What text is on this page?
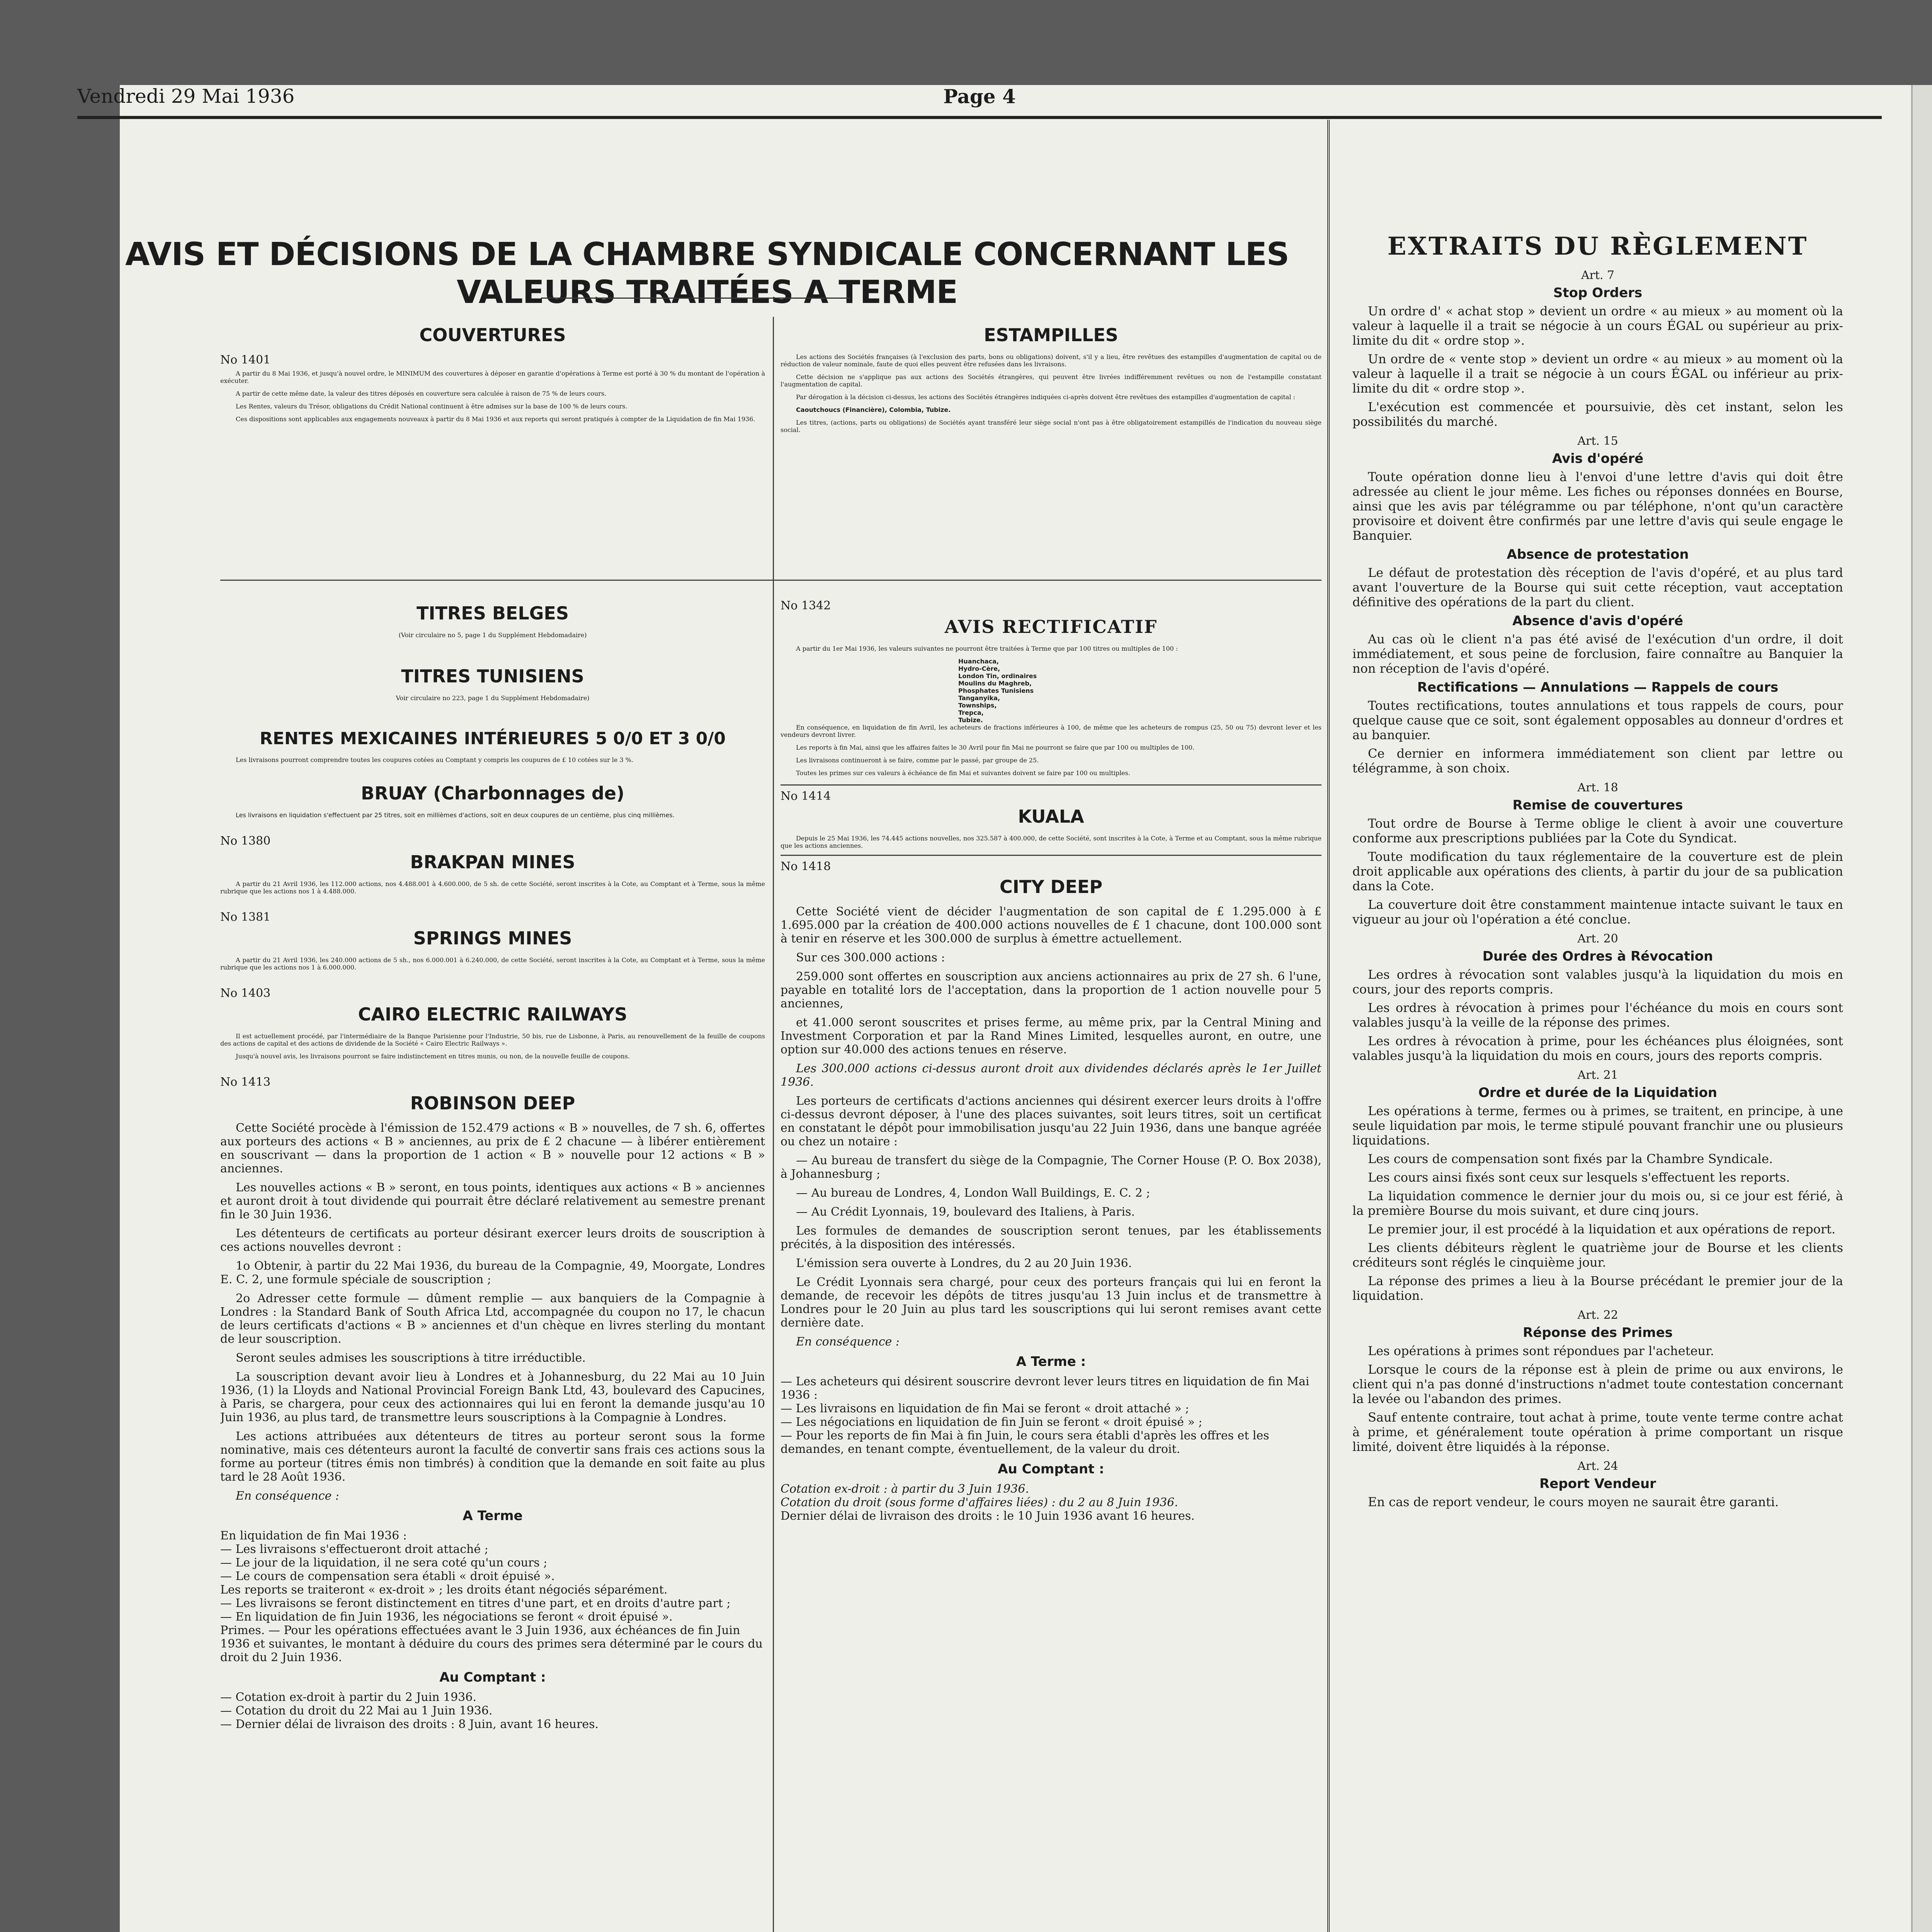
Vendredi 29 Mai 1936	Page 4
AVIS ET DÉCISIONS DE LA CHAMBRE SYNDICALE CONCERNANT LES VALEURS TRAITÉES A TERME
COUVERTURES
No 1401

A partir du 8 Mai 1936, et jusqu'à nouvel ordre, le MINIMUM des couvertures à déposer en garantie d'opérations à Terme est porté à 30 % du montant de l'opération à exécuter.

A partir de cette même date, la valeur des titres déposés en couverture sera calculée à raison de 75 % de leurs cours.

Les Rentes, valeurs du Trésor, obligations du Crédit National continuent à être admises sur la base de 100 % de leurs cours.

Ces dispositions sont applicables aux engagements nouveaux à partir du 8 Mai 1936 et aux reports qui seront pratiqués à compter de la Liquidation de fin Mai 1936.

ESTAMPILLES

Les actions des Sociétés françaises (à l'exclusion des parts, bons ou obligations) doivent, s'il y a lieu, être revêtues des estampilles d'augmentation de capital ou de réduction de valeur nominale, faute de quoi elles peuvent être refusées dans les livraisons.

Cette décision ne s'applique pas aux actions des Sociétés étrangères, qui peuvent être livrées indifféremment revêtues ou non de l'estampille constatant l'augmentation de capital.

Par dérogation à la décision ci-dessus, les actions des Sociétés étrangères indiquées ci-après doivent être revêtues des estampilles d'augmentation de capital :

Caoutchoucs (Financière), Colombia, Tubize.

Les titres, (actions, parts ou obligations) de Sociétés ayant transféré leur siège social n'ont pas à être obligatoirement estampillés de l'indication du nouveau siège social.

TITRES BELGES
(Voir circulaire no 5, page 1 du Supplément Hebdomadaire)
TITRES TUNISIENS
Voir circulaire no 223, page 1 du Supplément Hebdomadaire)
RENTES MEXICAINES INTÉRIEURES 5 0/0 ET 3 0/0

Les livraisons pourront comprendre toutes les coupures cotées au Comptant y compris les coupures de £ 10 cotées sur le 3 %.

BRUAY (Charbonnages de)

Les livraisons en liquidation s'effectuent par 25 titres, soit en millièmes d'actions, soit en deux coupures de un centième, plus cinq millièmes.

No 1380
BRAKPAN MINES

A partir du 21 Avril 1936, les 112.000 actions, nos 4.488.001 à 4.600.000, de 5 sh. de cette Société, seront inscrites à la Cote, au Comptant et à Terme, sous la même rubrique que les actions nos 1 à 4.488.000.

No 1381
SPRINGS MINES

A partir du 21 Avril 1936, les 240.000 actions de 5 sh., nos 6.000.001 à 6.240.000, de cette Société, seront inscrites à la Cote, au Comptant et à Terme, sous la même rubrique que les actions nos 1 à 6.000.000.

No 1403
CAIRO ELECTRIC RAILWAYS

Il est actuellement procédé, par l'intermédiaire de la Banque Parisienne pour l'Industrie, 50 bis, rue de Lisbonne, à Paris, au renouvellement de la feuille de coupons des actions de capital et des actions de dividende de la Société « Cairo Electric Railways ».

Jusqu'à nouvel avis, les livraisons pourront se faire indistinctement en titres munis, ou non, de la nouvelle feuille de coupons.

No 1413
ROBINSON DEEP

Cette Société procède à l'émission de 152.479 actions « B » nouvelles, de 7 sh. 6, offertes aux porteurs des actions « B » anciennes, au prix de £ 2 chacune — à libérer entièrement en souscrivant — dans la proportion de 1 action « B » nouvelle pour 12 actions « B » anciennes.

Les nouvelles actions « B » seront, en tous points, identiques aux actions « B » anciennes et auront droit à tout dividende qui pourrait être déclaré relativement au semestre prenant fin le 30 Juin 1936.

Les détenteurs de certificats au porteur désirant exercer leurs droits de souscription à ces actions nouvelles devront :

1o Obtenir, à partir du 22 Mai 1936, du bureau de la Compagnie, 49, Moorgate, Londres E. C. 2, une formule spéciale de souscription ;

2o Adresser cette formule — dûment remplie — aux banquiers de la Compagnie à Londres : la Standard Bank of South Africa Ltd, accompagnée du coupon no 17, le chacun de leurs certificats d'actions « B » anciennes et d'un chèque en livres sterling du montant de leur souscription.

Seront seules admises les souscriptions à titre irréductible.

La souscription devant avoir lieu à Londres et à Johannesburg, du 22 Mai au 10 Juin 1936, (1) la Lloyds and National Provincial Foreign Bank Ltd, 43, boulevard des Capucines, à Paris, se chargera, pour ceux des actionnaires qui lui en feront la demande jusqu'au 10 Juin 1936, au plus tard, de transmettre leurs souscriptions à la Compagnie à Londres.

Les actions attribuées aux détenteurs de titres au porteur seront sous la forme nominative, mais ces détenteurs auront la faculté de convertir sans frais ces actions sous la forme au porteur (titres émis non timbrés) à condition que la demande en soit faite au plus tard le 28 Août 1936.

En conséquence :

A Terme
En liquidation de fin Mai 1936 :
— Les livraisons s'effectueront droit attaché ;
— Le jour de la liquidation, il ne sera coté qu'un cours ;
— Le cours de compensation sera établi « droit épuisé ».
Les reports se traiteront « ex-droit » ; les droits étant négociés séparément.
— Les livraisons se feront distinctement en titres d'une part, et en droits d'autre part ;
— En liquidation de fin Juin 1936, les négociations se feront « droit épuisé ».
Primes. — Pour les opérations effectuées avant le 3 Juin 1936, aux échéances de fin Juin 1936 et suivantes, le montant à déduire du cours des primes sera déterminé par le cours du droit du 2 Juin 1936.
Au Comptant :
— Cotation ex-droit à partir du 2 Juin 1936.
— Cotation du droit du 22 Mai au 1 Juin 1936.
— Dernier délai de livraison des droits : 8 Juin, avant 16 heures.

No 1342
AVIS RECTIFICATIF

A partir du 1er Mai 1936, les valeurs suivantes ne pourront être traitées à Terme que par 100 titres ou multiples de 100 :

Huanchaca,
Hydro-Cère,
London Tin, ordinaires
Moulins du Maghreb,
Phosphates Tunisiens
Tanganyika,
Townships,
Trepca,
Tubize.

En conséquence, en liquidation de fin Avril, les acheteurs de fractions inférieures à 100, de même que les acheteurs de rompus (25, 50 ou 75) devront lever et les vendeurs devront livrer.

Les reports à fin Mai, ainsi que les affaires faites le 30 Avril pour fin Mai ne pourront se faire que par 100 ou multiples de 100.

Les livraisons continueront à se faire, comme par le passé, par groupe de 25.

Toutes les primes sur ces valeurs à échéance de fin Mai et suivantes doivent se faire par 100 ou multiples.

No 1414
KUALA

Depuis le 25 Mai 1936, les 74.445 actions nouvelles, nos 325.587 à 400.000, de cette Société, sont inscrites à la Cote, à Terme et au Comptant, sous la même rubrique que les actions anciennes.

No 1418
CITY DEEP

Cette Société vient de décider l'augmentation de son capital de £ 1.295.000 à £ 1.695.000 par la création de 400.000 actions nouvelles de £ 1 chacune, dont 100.000 sont à tenir en réserve et les 300.000 de surplus à émettre actuellement.

Sur ces 300.000 actions :

259.000 sont offertes en souscription aux anciens actionnaires au prix de 27 sh. 6 l'une, payable en totalité lors de l'acceptation, dans la proportion de 1 action nouvelle pour 5 anciennes,

et 41.000 seront souscrites et prises ferme, au même prix, par la Central Mining and Investment Corporation et par la Rand Mines Limited, lesquelles auront, en outre, une option sur 40.000 des actions tenues en réserve.

Les 300.000 actions ci-dessus auront droit aux dividendes déclarés après le 1er Juillet 1936.

Les porteurs de certificats d'actions anciennes qui désirent exercer leurs droits à l'offre ci-dessus devront déposer, à l'une des places suivantes, soit leurs titres, soit un certificat en constatant le dépôt pour immobilisation jusqu'au 22 Juin 1936, dans une banque agréée ou chez un notaire :

— Au bureau de transfert du siège de la Compagnie, The Corner House (P. O. Box 2038), à Johannesburg ;

— Au bureau de Londres, 4, London Wall Buildings, E. C. 2 ;

— Au Crédit Lyonnais, 19, boulevard des Italiens, à Paris.

Les formules de demandes de souscription seront tenues, par les établissements précités, à la disposition des intéressés.

L'émission sera ouverte à Londres, du 2 au 20 Juin 1936.

Le Crédit Lyonnais sera chargé, pour ceux des porteurs français qui lui en feront la demande, de recevoir les dépôts de titres jusqu'au 13 Juin inclus et de transmettre à Londres pour le 20 Juin au plus tard les souscriptions qui lui seront remises avant cette dernière date.

En conséquence :

A Terme :
— Les acheteurs qui désirent souscrire devront lever leurs titres en liquidation de fin Mai 1936 :
— Les livraisons en liquidation de fin Mai se feront « droit attaché » ;
— Les négociations en liquidation de fin Juin se feront « droit épuisé » ;
— Pour les reports de fin Mai à fin Juin, le cours sera établi d'après les offres et les demandes, en tenant compte, éventuellement, de la valeur du droit.
Au Comptant :
Cotation ex-droit : à partir du 3 Juin 1936.
Cotation du droit (sous forme d'affaires liées) : du 2 au 8 Juin 1936.
Dernier délai de livraison des droits : le 10 Juin 1936 avant 16 heures.

EXTRAITS DU RÈGLEMENT
Art. 7
Stop Orders

Un ordre d' « achat stop » devient un ordre « au mieux » au moment où la valeur à laquelle il a trait se négocie à un cours ÉGAL ou supérieur au prix-limite du dit « ordre stop ».

Un ordre de « vente stop » devient un ordre « au mieux » au moment où la valeur à laquelle il a trait se négocie à un cours ÉGAL ou inférieur au prix-limite du dit « ordre stop ».

L'exécution est commencée et poursuivie, dès cet instant, selon les possibilités du marché.

Art. 15
Avis d'opéré

Toute opération donne lieu à l'envoi d'une lettre d'avis qui doit être adressée au client le jour même. Les fiches ou réponses données en Bourse, ainsi que les avis par télégramme ou par téléphone, n'ont qu'un caractère provisoire et doivent être confirmés par une lettre d'avis qui seule engage le Banquier.

Absence de protestation

Le défaut de protestation dès réception de l'avis d'opéré, et au plus tard avant l'ouverture de la Bourse qui suit cette réception, vaut acceptation définitive des opérations de la part du client.

Absence d'avis d'opéré

Au cas où le client n'a pas été avisé de l'exécution d'un ordre, il doit immédiatement, et sous peine de forclusion, faire connaître au Banquier la non réception de l'avis d'opéré.

Rectifications — Annulations — Rappels de cours

Toutes rectifications, toutes annulations et tous rappels de cours, pour quelque cause que ce soit, sont également opposables au donneur d'ordres et au banquier.

Ce dernier en informera immédiatement son client par lettre ou télégramme, à son choix.

Art. 18
Remise de couvertures

Tout ordre de Bourse à Terme oblige le client à avoir une couverture conforme aux prescriptions publiées par la Cote du Syndicat.

Toute modification du taux réglementaire de la couverture est de plein droit applicable aux opérations des clients, à partir du jour de sa publication dans la Cote.

La couverture doit être constamment maintenue intacte suivant le taux en vigueur au jour où l'opération a été conclue.

Art. 20
Durée des Ordres à Révocation

Les ordres à révocation sont valables jusqu'à la liquidation du mois en cours, jour des reports compris.

Les ordres à révocation à primes pour l'échéance du mois en cours sont valables jusqu'à la veille de la réponse des primes.

Les ordres à révocation à prime, pour les échéances plus éloignées, sont valables jusqu'à la liquidation du mois en cours, jours des reports compris.

Art. 21
Ordre et durée de la Liquidation

Les opérations à terme, fermes ou à primes, se traitent, en principe, à une seule liquidation par mois, le terme stipulé pouvant franchir une ou plusieurs liquidations.

Les cours de compensation sont fixés par la Chambre Syndicale.

Les cours ainsi fixés sont ceux sur lesquels s'effectuent les reports.

La liquidation commence le dernier jour du mois ou, si ce jour est férié, à la première Bourse du mois suivant, et dure cinq jours.

Le premier jour, il est procédé à la liquidation et aux opérations de report.

Les clients débiteurs règlent le quatrième jour de Bourse et les clients créditeurs sont réglés le cinquième jour.

La réponse des primes a lieu à la Bourse précédant le premier jour de la liquidation.

Art. 22
Réponse des Primes

Les opérations à primes sont répondues par l'acheteur.

Lorsque le cours de la réponse est à plein de prime ou aux environs, le client qui n'a pas donné d'instructions n'admet toute contestation concernant la levée ou l'abandon des primes.

Sauf entente contraire, tout achat à prime, toute vente terme contre achat à prime, et généralement toute opération à prime comportant un risque limité, doivent être liquidés à la réponse.

Art. 24
Report Vendeur

En cas de report vendeur, le cours moyen ne saurait être garanti.
